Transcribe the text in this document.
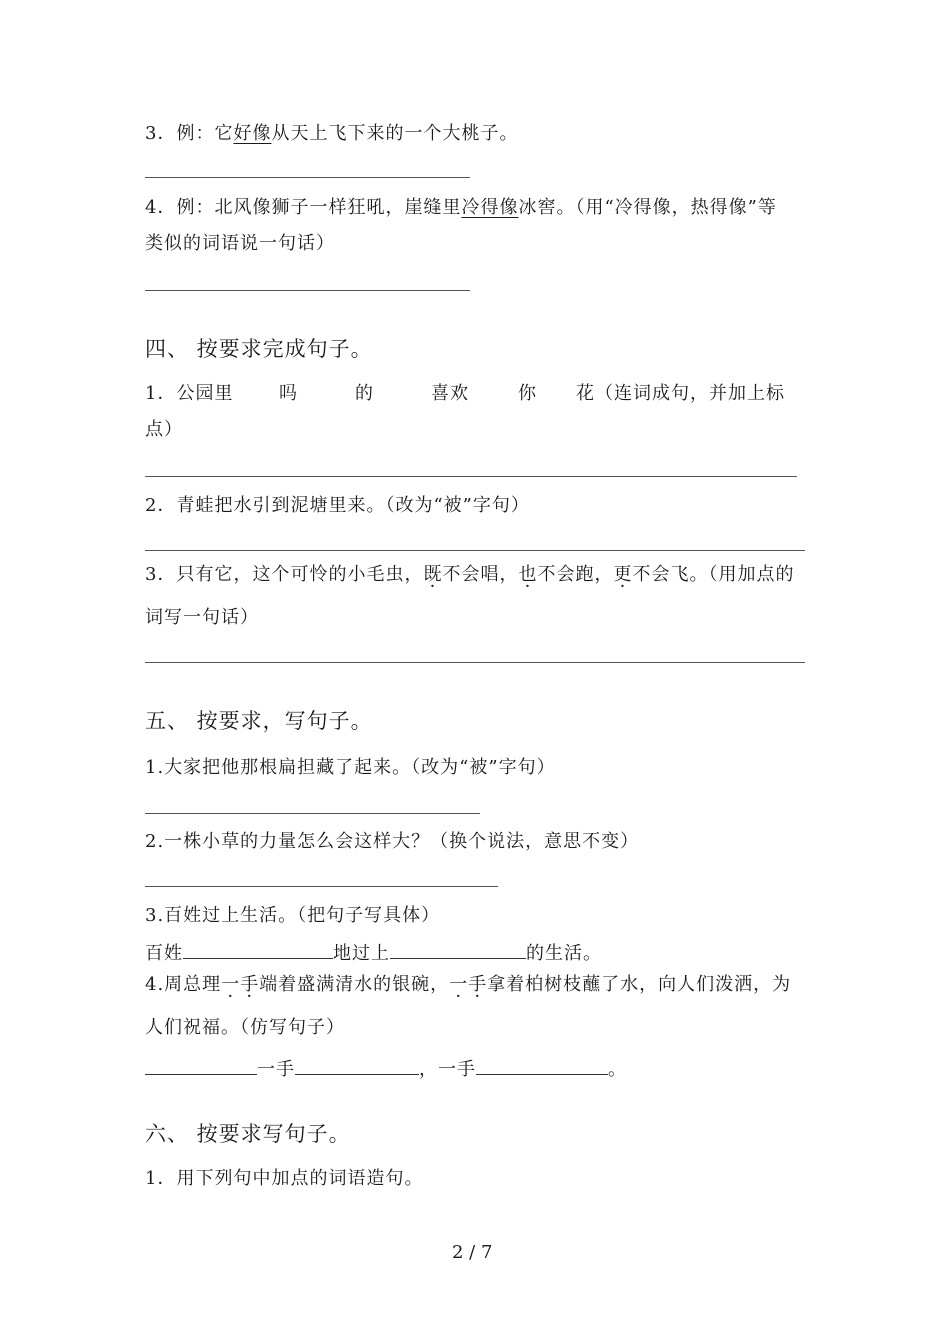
3．例：它好像从天上飞下来的一个大桃子。
4．例：北风像狮子一样狂吼，崖缝里冷得像冰窖。（用“冷得像，热得像”等
类似的词语说一句话）
四、 按要求完成句子。
1．公园里	吗	的	喜欢	你 花（连词成句，并加上标
点）
2．青蛙把水引到泥塘里来。（改为“被”字句）
3．只有它，这个可怜的小毛虫，既不会唱，也不会跑，更不会飞。（用加点的
词写一句话）
五、 按要求，写句子。
1.大家把他那根扁担藏了起来。（改为“被”字句）
2.一株小草的力量怎么会这样大？（换个说法，意思不变）
3.百姓过上生活。（把句子写具体）
百姓	地过上	的生活。
4.周总理一手端着盛满清水的银碗，一手拿着柏树枝蘸了水，向人们泼洒，为
人们祝福。（仿写句子）
一手	，一手	。
六、 按要求写句子。
1．用下列句中加点的词语造句。
2 / 7
